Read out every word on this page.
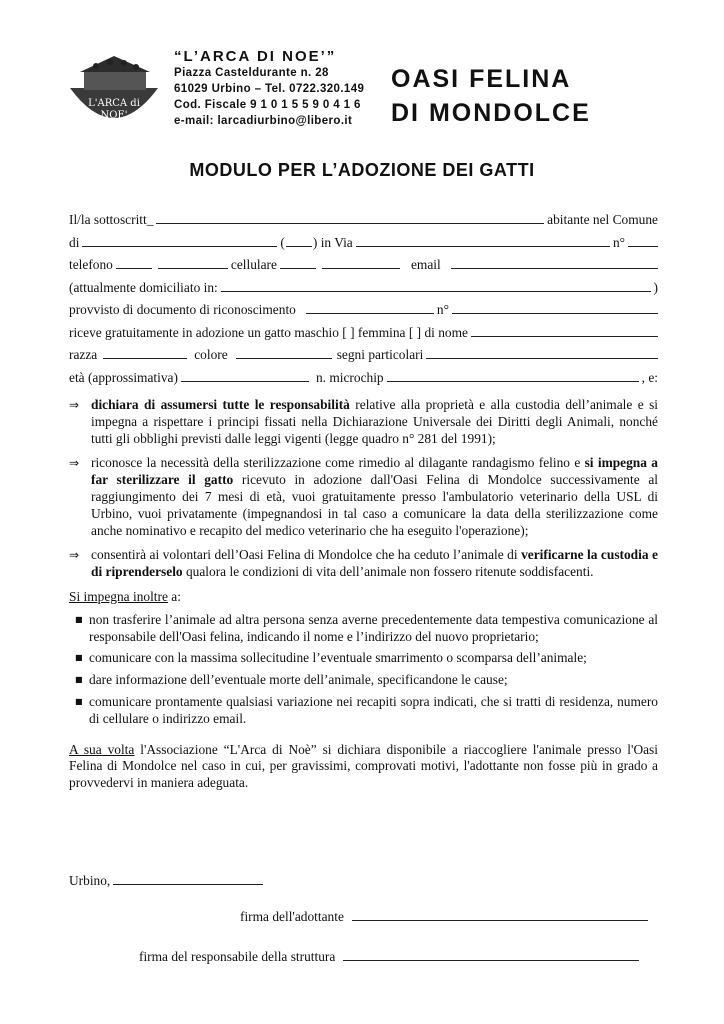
L'ARCA di
NOE'
“L’ARCA DI NOE’”
Piazza Casteldurante n. 28
61029 Urbino – Tel. 0722.320.149
Cod. Fiscale 9 1 0 1 5 5 9 0 4 1 6
e-mail: larcadiurbino@libero.it
OASI FELINA
DI MONDOLCE
MODULO PER L’ADOZIONE DEI GATTI
Il/la sottoscritt_	abitante nel Comune
di	( ) in Via	n°
telefono	cellulare	email
(attualmente domiciliato in:	)
provvisto di documento di riconoscimento	n°
riceve gratuitamente in adozione un gatto maschio [ ] femmina [ ] di nome
razza	colore	segni particolari
età (approssimativa)	n. microchip	, e:
⇒ dichiara di assumersi tutte le responsabilità relative alla proprietà e alla custodia dell’animale e si impegna a rispettare i principi fissati nella Dichiarazione Universale dei Diritti degli Animali, nonché tutti gli obblighi previsti dalle leggi vigenti (legge quadro n° 281 del 1991);
⇒ riconosce la necessità della sterilizzazione come rimedio al dilagante randagismo felino e si impegna a far sterilizzare il gatto ricevuto in adozione dall'Oasi Felina di Mondolce successivamente al raggiungimento dei 7 mesi di età, vuoi gratuitamente presso l'ambulatorio veterinario della USL di Urbino, vuoi privatamente (impegnandosi in tal caso a comunicare la data della sterilizzazione come anche nominativo e recapito del medico veterinario che ha eseguito l'operazione);
⇒ consentirà ai volontari dell’Oasi Felina di Mondolce che ha ceduto l’animale di verificarne la custodia e di riprenderselo qualora le condizioni di vita dell’animale non fossero ritenute soddisfacenti.
Si impegna inoltre a:
■ non trasferire l’animale ad altra persona senza averne precedentemente data tempestiva comunicazione al responsabile dell'Oasi felina, indicando il nome e l’indirizzo del nuovo proprietario;
■ comunicare con la massima sollecitudine l’eventuale smarrimento o scomparsa dell’animale;
■ dare informazione dell’eventuale morte dell’animale, specificandone le cause;
■ comunicare prontamente qualsiasi variazione nei recapiti sopra indicati, che si tratti di residenza, numero di cellulare o indirizzo email.
A sua volta l'Associazione “L'Arca di Noè” si dichiara disponibile a riaccogliere l'animale presso l'Oasi Felina di Mondolce nel caso in cui, per gravissimi, comprovati motivi, l'adottante non fosse più in grado a provvedervi in maniera adeguata.
Urbino,
firma dell'adottante
firma del responsabile della struttura
